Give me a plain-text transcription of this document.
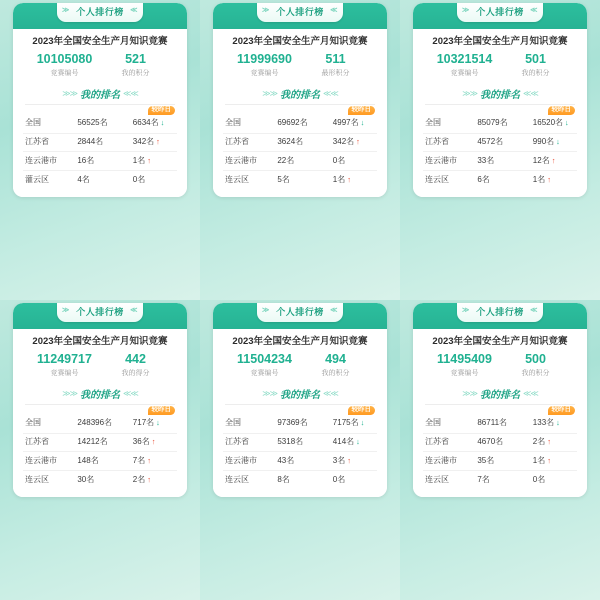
≫ 个人排行榜 ≪
2023年全国安全生产月知识竞赛
10105080
竞赛编号
521
我的积分
≫≫ 我的排名 ≪≪
较昨日
全国	56525名	6634名 ↓
江苏省	2844名	342名 ↑
连云港市	16名	1名 ↑
灌云区	4名	0名
≫ 个人排行榜 ≪
2023年全国安全生产月知识竞赛
11999690
竞赛编号
511
最形积分
≫≫ 我的排名 ≪≪
较昨日
全国	69692名	4997名 ↓
江苏省	3624名	342名 ↑
连云港市	22名	0名
连云区	5名	1名 ↑
≫ 个人排行榜 ≪
2023年全国安全生产月知识竞赛
10321514
竞赛编号
501
我的积分
≫≫ 我的排名 ≪≪
较昨日
全国	85079名	16520名 ↓
江苏省	4572名	990名 ↓
连云港市	33名	12名 ↑
连云区	6名	1名 ↑
≫ 个人排行榜 ≪
2023年全国安全生产月知识竞赛
11249717
竞赛编号
442
我的得分
≫≫ 我的排名 ≪≪
较昨日
全国	248396名	717名 ↓
江苏省	14212名	36名 ↑
连云港市	148名	7名 ↑
连云区	30名	2名 ↑
≫ 个人排行榜 ≪
2023年全国安全生产月知识竞赛
11504234
竞赛编号
494
我的积分
≫≫ 我的排名 ≪≪
较昨日
全国	97369名	7175名 ↓
江苏省	5318名	414名 ↓
连云港市	43名	3名 ↑
连云区	8名	0名
≫ 个人排行榜 ≪
2023年全国安全生产月知识竞赛
11495409
竞赛编号
500
我的积分
≫≫ 我的排名 ≪≪
较昨日
全国	86711名	133名 ↓
江苏省	4670名	2名 ↑
连云港市	35名	1名 ↑
连云区	7名	0名
